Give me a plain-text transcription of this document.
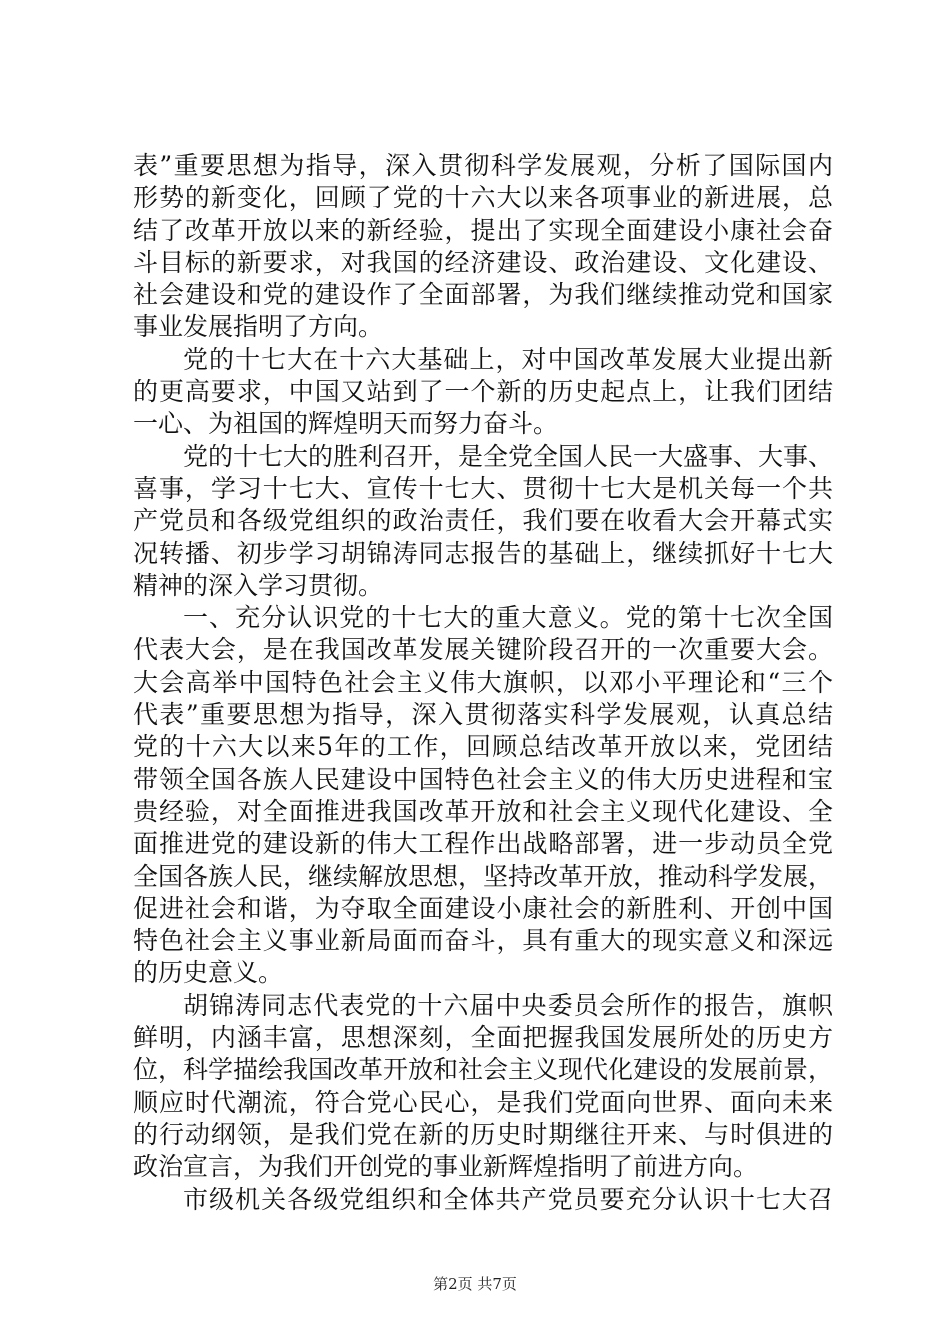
表”重要思想为指导，深入贯彻科学发展观，分析了国际国内
形势的新变化，回顾了党的十六大以来各项事业的新进展，总
结了改革开放以来的新经验，提出了实现全面建设小康社会奋
斗目标的新要求，对我国的经济建设、政治建设、文化建设、
社会建设和党的建设作了全面部署，为我们继续推动党和国家
事业发展指明了方向。
党的十七大在十六大基础上，对中国改革发展大业提出新
的更高要求，中国又站到了一个新的历史起点上，让我们团结
一心、为祖国的辉煌明天而努力奋斗。
党的十七大的胜利召开，是全党全国人民一大盛事、大事、
喜事，学习十七大、宣传十七大、贯彻十七大是机关每一个共
产党员和各级党组织的政治责任，我们要在收看大会开幕式实
况转播、初步学习胡锦涛同志报告的基础上，继续抓好十七大
精神的深入学习贯彻。
一、充分认识党的十七大的重大意义。党的第十七次全国
代表大会，是在我国改革发展关键阶段召开的一次重要大会。
大会高举中国特色社会主义伟大旗帜，以邓小平理论和“三个
代表”重要思想为指导，深入贯彻落实科学发展观，认真总结
党的十六大以来5年的工作，回顾总结改革开放以来，党团结
带领全国各族人民建设中国特色社会主义的伟大历史进程和宝
贵经验，对全面推进我国改革开放和社会主义现代化建设、全
面推进党的建设新的伟大工程作出战略部署，进一步动员全党
全国各族人民，继续解放思想，坚持改革开放，推动科学发展，
促进社会和谐，为夺取全面建设小康社会的新胜利、开创中国
特色社会主义事业新局面而奋斗，具有重大的现实意义和深远
的历史意义。
胡锦涛同志代表党的十六届中央委员会所作的报告，旗帜
鲜明，内涵丰富，思想深刻，全面把握我国发展所处的历史方
位，科学描绘我国改革开放和社会主义现代化建设的发展前景，
顺应时代潮流，符合党心民心，是我们党面向世界、面向未来
的行动纲领，是我们党在新的历史时期继往开来、与时俱进的
政治宣言，为我们开创党的事业新辉煌指明了前进方向。
市级机关各级党组织和全体共产党员要充分认识十七大召
第2页 共7页
